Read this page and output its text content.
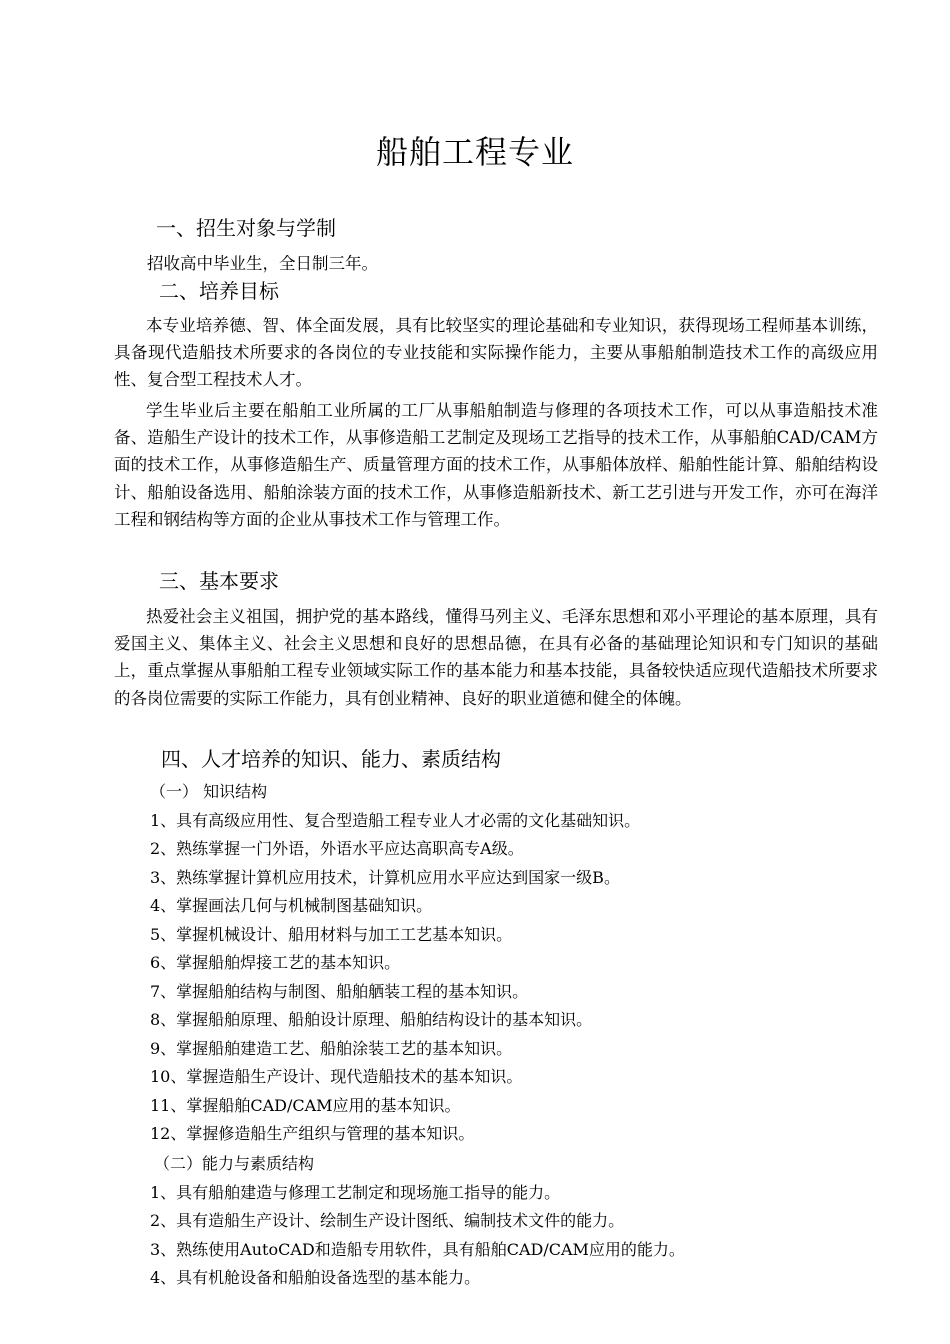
船舶工程专业
一、招生对象与学制
招收高中毕业生，全日制三年。
二、培养目标
本专业培养德、智、体全面发展，具有比较坚实的理论基础和专业知识，获得现场工程师基本训练，具备现代造船技术所要求的各岗位的专业技能和实际操作能力，主要从事船舶制造技术工作的高级应用性、复合型工程技术人才。
学生毕业后主要在船舶工业所属的工厂从事船舶制造与修理的各项技术工作，可以从事造船技术准备、造船生产设计的技术工作，从事修造船工艺制定及现场工艺指导的技术工作，从事船舶CAD/CAM方面的技术工作，从事修造船生产、质量管理方面的技术工作，从事船体放样、船舶性能计算、船舶结构设计、船舶设备选用、船舶涂装方面的技术工作，从事修造船新技术、新工艺引进与开发工作，亦可在海洋工程和钢结构等方面的企业从事技术工作与管理工作。
三、基本要求
热爱社会主义祖国，拥护党的基本路线，懂得马列主义、毛泽东思想和邓小平理论的基本原理，具有爱国主义、集体主义、社会主义思想和良好的思想品德，在具有必备的基础理论知识和专门知识的基础上，重点掌握从事船舶工程专业领域实际工作的基本能力和基本技能，具备较快适应现代造船技术所要求的各岗位需要的实际工作能力，具有创业精神、良好的职业道德和健全的体魄。
四、人才培养的知识、能力、素质结构
（一） 知识结构
1、具有高级应用性、复合型造船工程专业人才必需的文化基础知识。
2、熟练掌握一门外语，外语水平应达高职高专A级。
3、熟练掌握计算机应用技术，计算机应用水平应达到国家一级B。
4、掌握画法几何与机械制图基础知识。
5、掌握机械设计、船用材料与加工工艺基本知识。
6、掌握船舶焊接工艺的基本知识。
7、掌握船舶结构与制图、船舶舾装工程的基本知识。
8、掌握船舶原理、船舶设计原理、船舶结构设计的基本知识。
9、掌握船舶建造工艺、船舶涂装工艺的基本知识。
10、掌握造船生产设计、现代造船技术的基本知识。
11、掌握船舶CAD/CAM应用的基本知识。
12、掌握修造船生产组织与管理的基本知识。
（二）能力与素质结构
1、具有船舶建造与修理工艺制定和现场施工指导的能力。
2、具有造船生产设计、绘制生产设计图纸、编制技术文件的能力。
3、熟练使用AutoCAD和造船专用软件，具有船舶CAD/CAM应用的能力。
4、具有机舱设备和船舶设备选型的基本能力。
